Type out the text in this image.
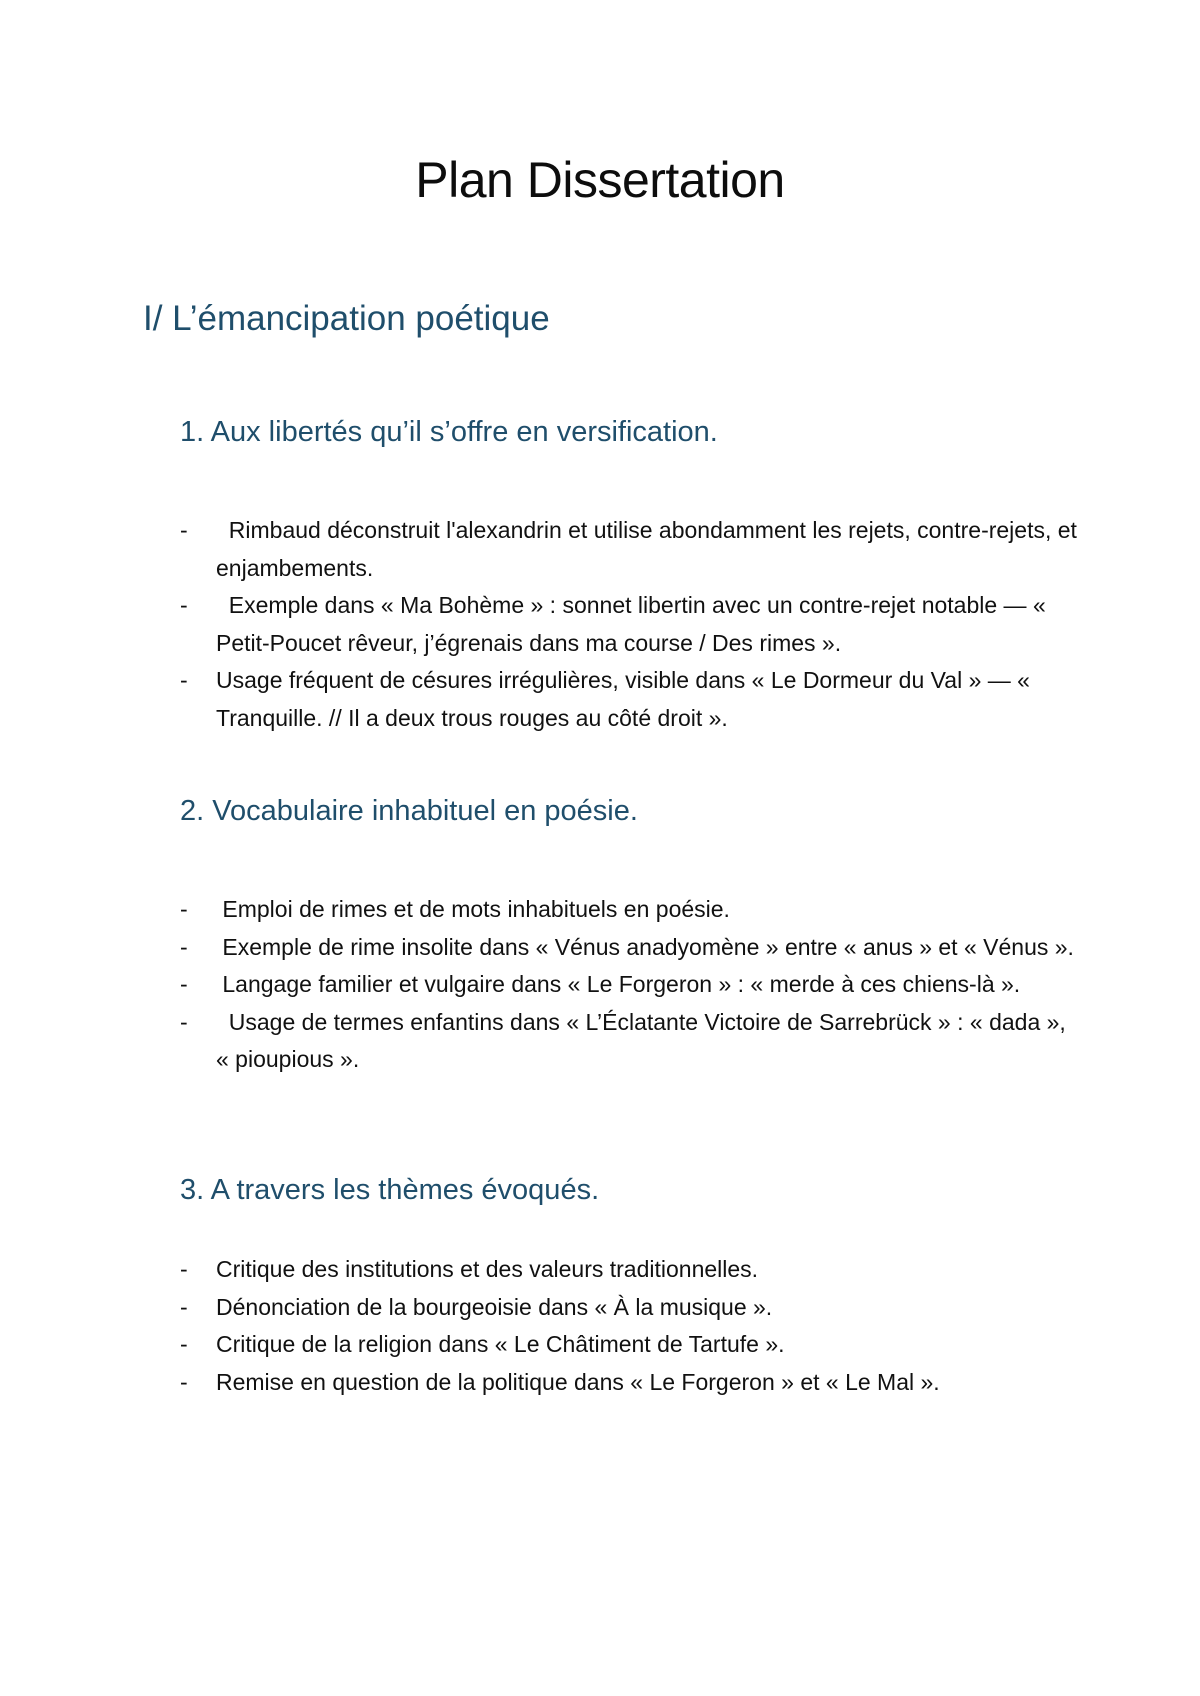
Plan Dissertation
I/ L’émancipation poétique
1. Aux libertés qu’il s’offre en versification.
-	Rimbaud déconstruit l'alexandrin et utilise abondamment les rejets, contre-rejets, et enjambements.
-	Exemple dans « Ma Bohème » : sonnet libertin avec un contre-rejet notable — « Petit-Poucet rêveur, j’égrenais dans ma course / Des rimes ».
-	Usage fréquent de césures irrégulières, visible dans « Le Dormeur du Val » — « Tranquille. // Il a deux trous rouges au côté droit ».
2. Vocabulaire inhabituel en poésie.
-	Emploi de rimes et de mots inhabituels en poésie.
-	Exemple de rime insolite dans « Vénus anadyomène » entre « anus » et « Vénus ».
-	Langage familier et vulgaire dans « Le Forgeron » : « merde à ces chiens-là ».
-	Usage de termes enfantins dans « L’Éclatante Victoire de Sarrebrück » : « dada », « pioupious ».
3. A travers les thèmes évoqués.
-	Critique des institutions et des valeurs traditionnelles.
-	Dénonciation de la bourgeoisie dans « À la musique ».
-	Critique de la religion dans « Le Châtiment de Tartufe ».
-	Remise en question de la politique dans « Le Forgeron » et « Le Mal ».
